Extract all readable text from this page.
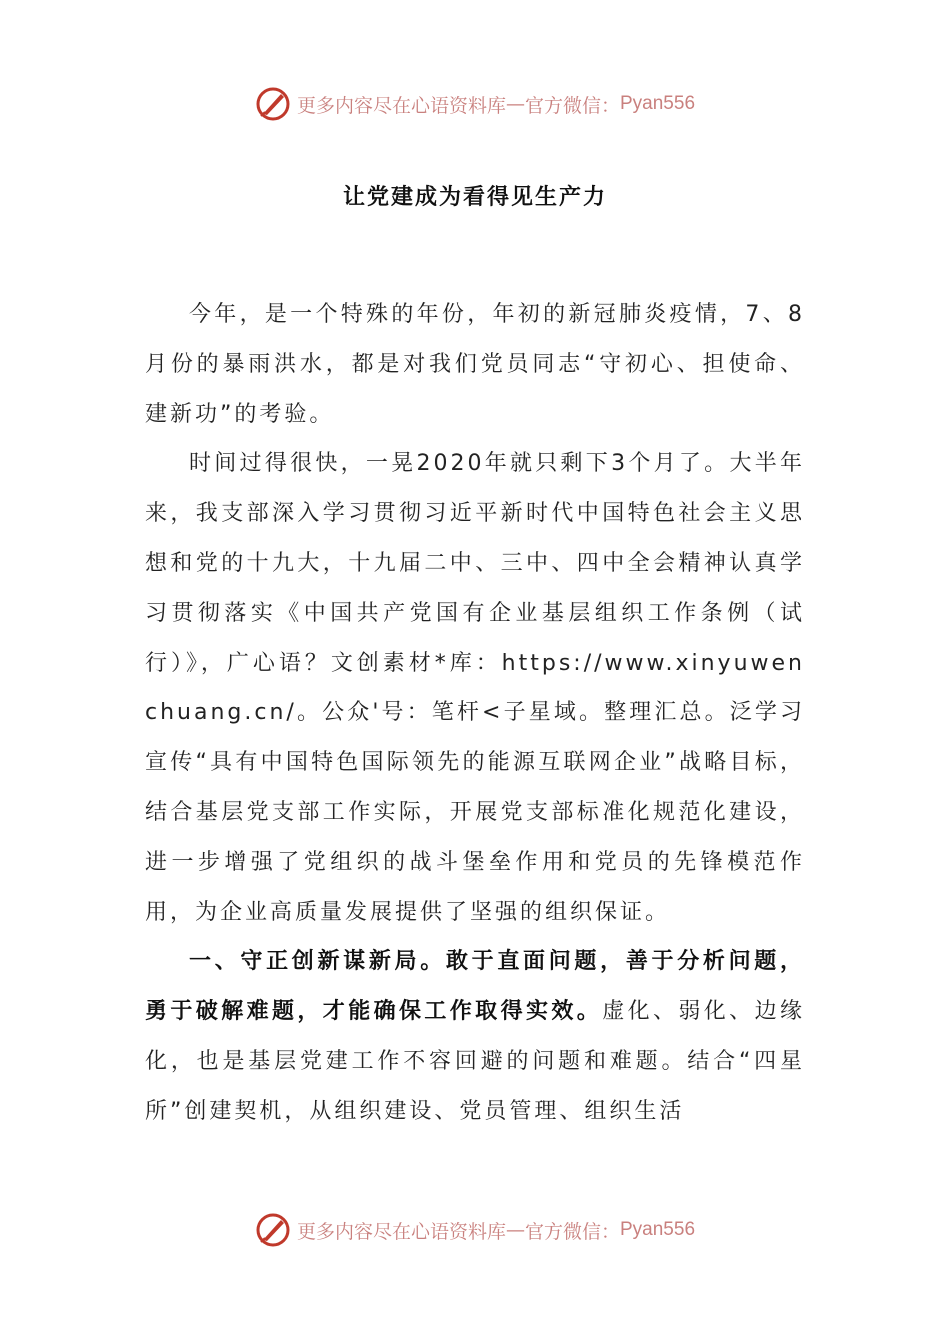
更多内容尽在心语资料库 — 官方微信： Pyan556
让党建成为看得见生产力

今年，是一个特殊的年份，年初的新冠肺炎疫情，7、8月份的暴雨洪水，都是对我们党员同志“守初心、担使命、建新功”的考验。

时间过得很快，一晃2020年就只剩下3个月了。大半年来，我支部深入学习贯彻习近平新时代中国特色社会主义思想和党的十九大，十九届二中、三中、四中全会精神认真学习贯彻落实《中国共产党国有企业基层组织工作条例（试行）》，广心语？文创素材*库：https://www.xinyuwenchuang.cn/。公众'号：笔杆<子星域。整理汇总。泛学习宣传“具有中国特色国际领先的能源互联网企业”战略目标，结合基层党支部工作实际，开展党支部标准化规范化建设，进一步增强了党组织的战斗堡垒作用和党员的先锋模范作用，为企业高质量发展提供了坚强的组织保证。

一、守正创新谋新局。敢于直面问题，善于分析问题，勇于破解难题，才能确保工作取得实效。虚化、弱化、边缘化，也是基层党建工作不容回避的问题和难题。结合“四星所”创建契机，从组织建设、党员管理、组织生活

更多内容尽在心语资料库 — 官方微信： Pyan556
